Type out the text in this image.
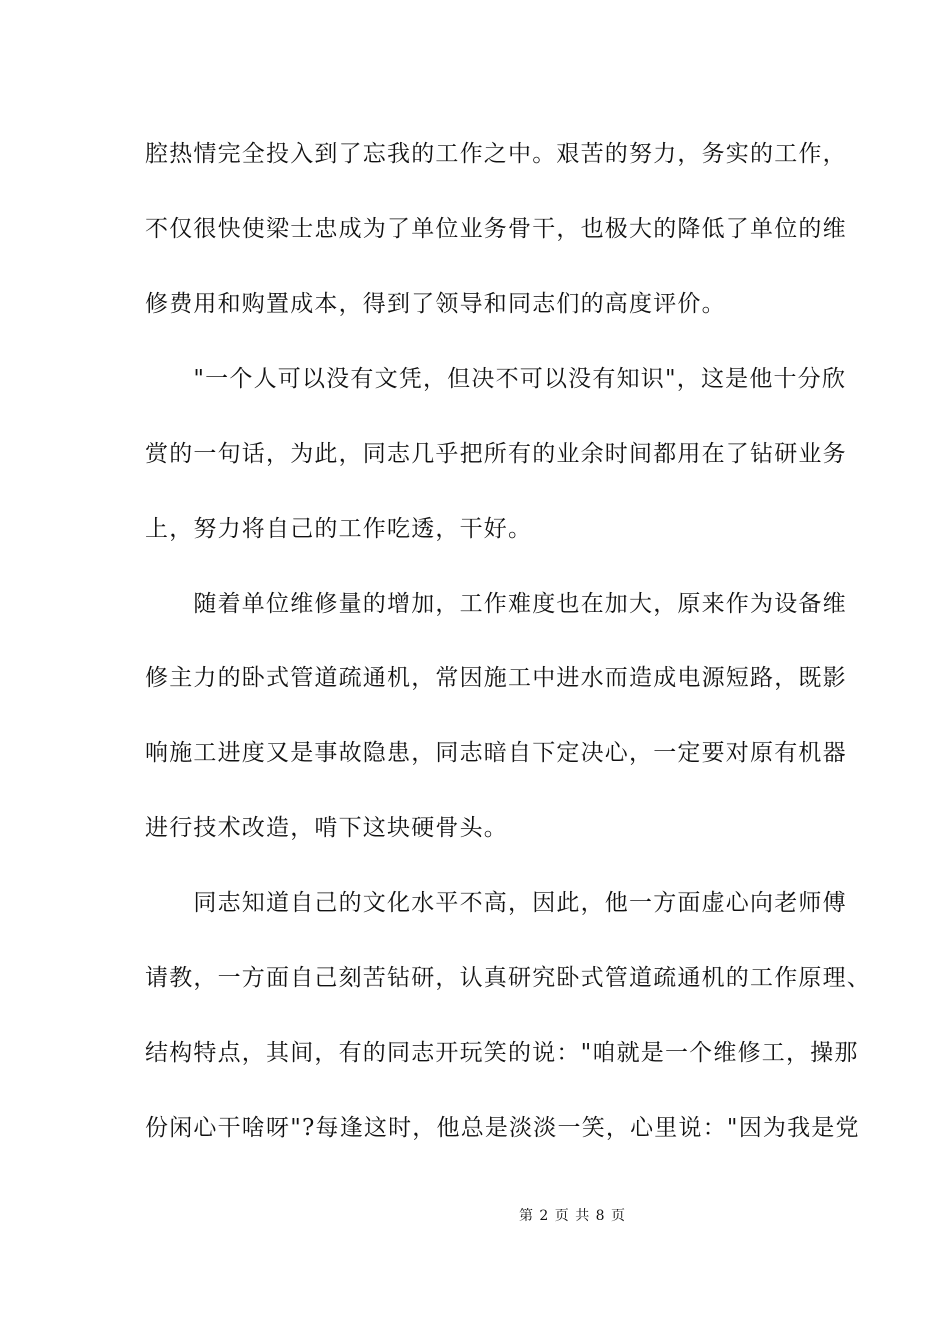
腔热情完全投入到了忘我的工作之中。艰苦的努力，务实的工作，
不仅很快使梁士忠成为了单位业务骨干，也极大的降低了单位的维
修费用和购置成本，得到了领导和同志们的高度评价。
　　"一个人可以没有文凭，但决不可以没有知识"，这是他十分欣
赏的一句话，为此，同志几乎把所有的业余时间都用在了钻研业务
上，努力将自己的工作吃透，干好。
　　随着单位维修量的增加，工作难度也在加大，原来作为设备维
修主力的卧式管道疏通机，常因施工中进水而造成电源短路，既影
响施工进度又是事故隐患，同志暗自下定决心，一定要对原有机器
进行技术改造，啃下这块硬骨头。
　　同志知道自己的文化水平不高，因此，他一方面虚心向老师傅
请教，一方面自己刻苦钻研，认真研究卧式管道疏通机的工作原理、
结构特点，其间，有的同志开玩笑的说："咱就是一个维修工，操那
份闲心干啥呀"?每逢这时，他总是淡淡一笑，心里说："因为我是党
第 2 页 共 8 页
